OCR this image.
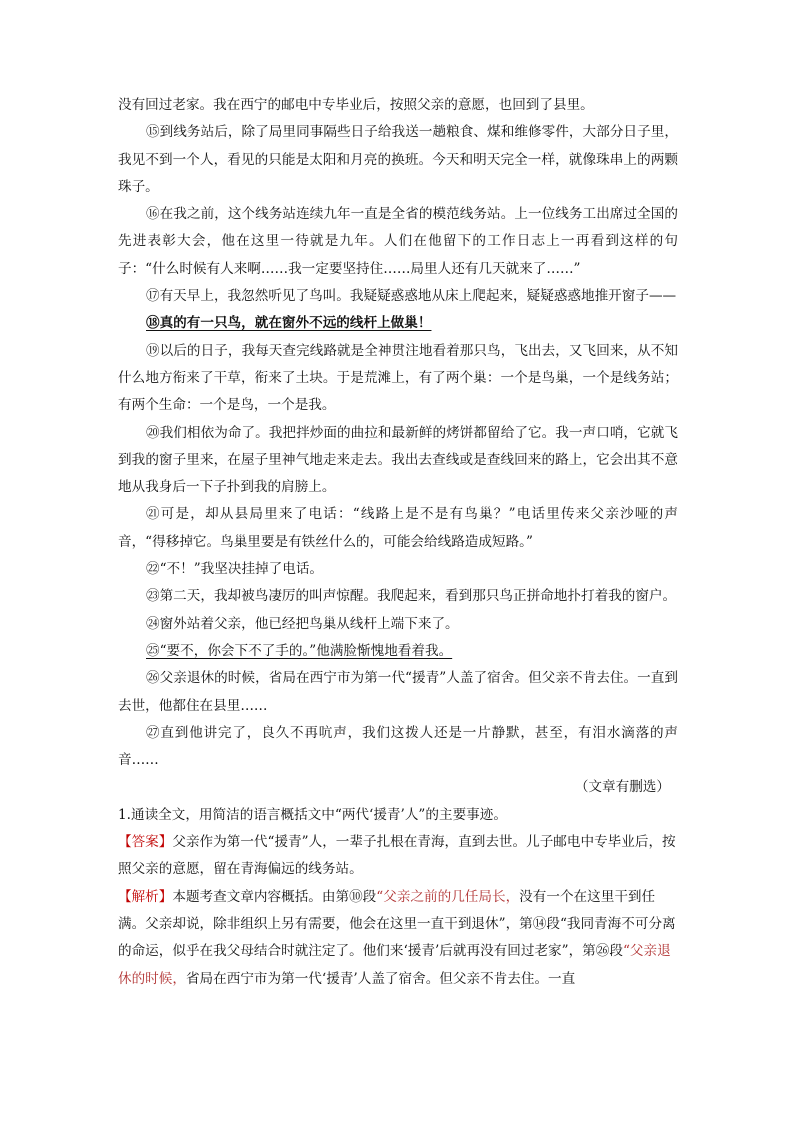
没有回过老家。我在西宁的邮电中专毕业后，按照父亲的意愿，也回到了县里。

⑮到线务站后，除了局里同事隔些日子给我送一趟粮食、煤和维修零件，大部分日子里，我见不到一个人，看见的只能是太阳和月亮的换班。今天和明天完全一样，就像珠串上的两颗珠子。

⑯在我之前，这个线务站连续九年一直是全省的模范线务站。上一位线务工出席过全国的先进表彰大会，他在这里一待就是九年。人们在他留下的工作日志上一再看到这样的句子：“什么时候有人来啊……我一定要坚持住……局里人还有几天就来了……”

⑰有天早上，我忽然听见了鸟叫。我疑疑惑惑地从床上爬起来，疑疑惑惑地推开窗子——

⑱真的有一只鸟，就在窗外不远的线杆上做巢！

⑲以后的日子，我每天查完线路就是全神贯注地看着那只鸟，飞出去，又飞回来，从不知什么地方衔来了干草，衔来了土块。于是荒滩上，有了两个巢：一个是鸟巢，一个是线务站；有两个生命：一个是鸟，一个是我。

⑳我们相依为命了。我把拌炒面的曲拉和最新鲜的烤饼都留给了它。我一声口哨，它就飞到我的窗子里来，在屋子里神气地走来走去。我出去查线或是查线回来的路上，它会出其不意地从我身后一下子扑到我的肩膀上。

㉑可是，却从县局里来了电话：“线路上是不是有鸟巢？”电话里传来父亲沙哑的声音，“得移掉它。鸟巢里要是有铁丝什么的，可能会给线路造成短路。”

㉒“不！”我坚决挂掉了电话。

㉓第二天，我却被鸟凄厉的叫声惊醒。我爬起来，看到那只鸟正拼命地扑打着我的窗户。

㉔窗外站着父亲，他已经把鸟巢从线杆上端下来了。

㉕“要不，你会下不了手的。”他满脸惭愧地看着我。

㉖父亲退休的时候，省局在西宁市为第一代“援青”人盖了宿舍。但父亲不肯去住。一直到去世，他都住在县里……

㉗直到他讲完了，良久不再吭声，我们这拨人还是一片静默，甚至，有泪水滴落的声音……

（文章有删选）

1.通读全文，用简洁的语言概括文中“两代‘援青’人”的主要事迹。

【答案】父亲作为第一代“援青”人，一辈子扎根在青海，直到去世。儿子邮电中专毕业后，按照父亲的意愿，留在青海偏远的线务站。

【解析】本题考查文章内容概括。由第⑩段“父亲之前的几任局长，没有一个在这里干到任满。父亲却说，除非组织上另有需要，他会在这里一直干到退休”，第⑭段“我同青海不可分离的命运，似乎在我父母结合时就注定了。他们来‘援青’后就再没有回过老家”，第㉖段“父亲退休的时候，省局在西宁市为第一代‘援青’人盖了宿舍。但父亲不肯去住。一直
